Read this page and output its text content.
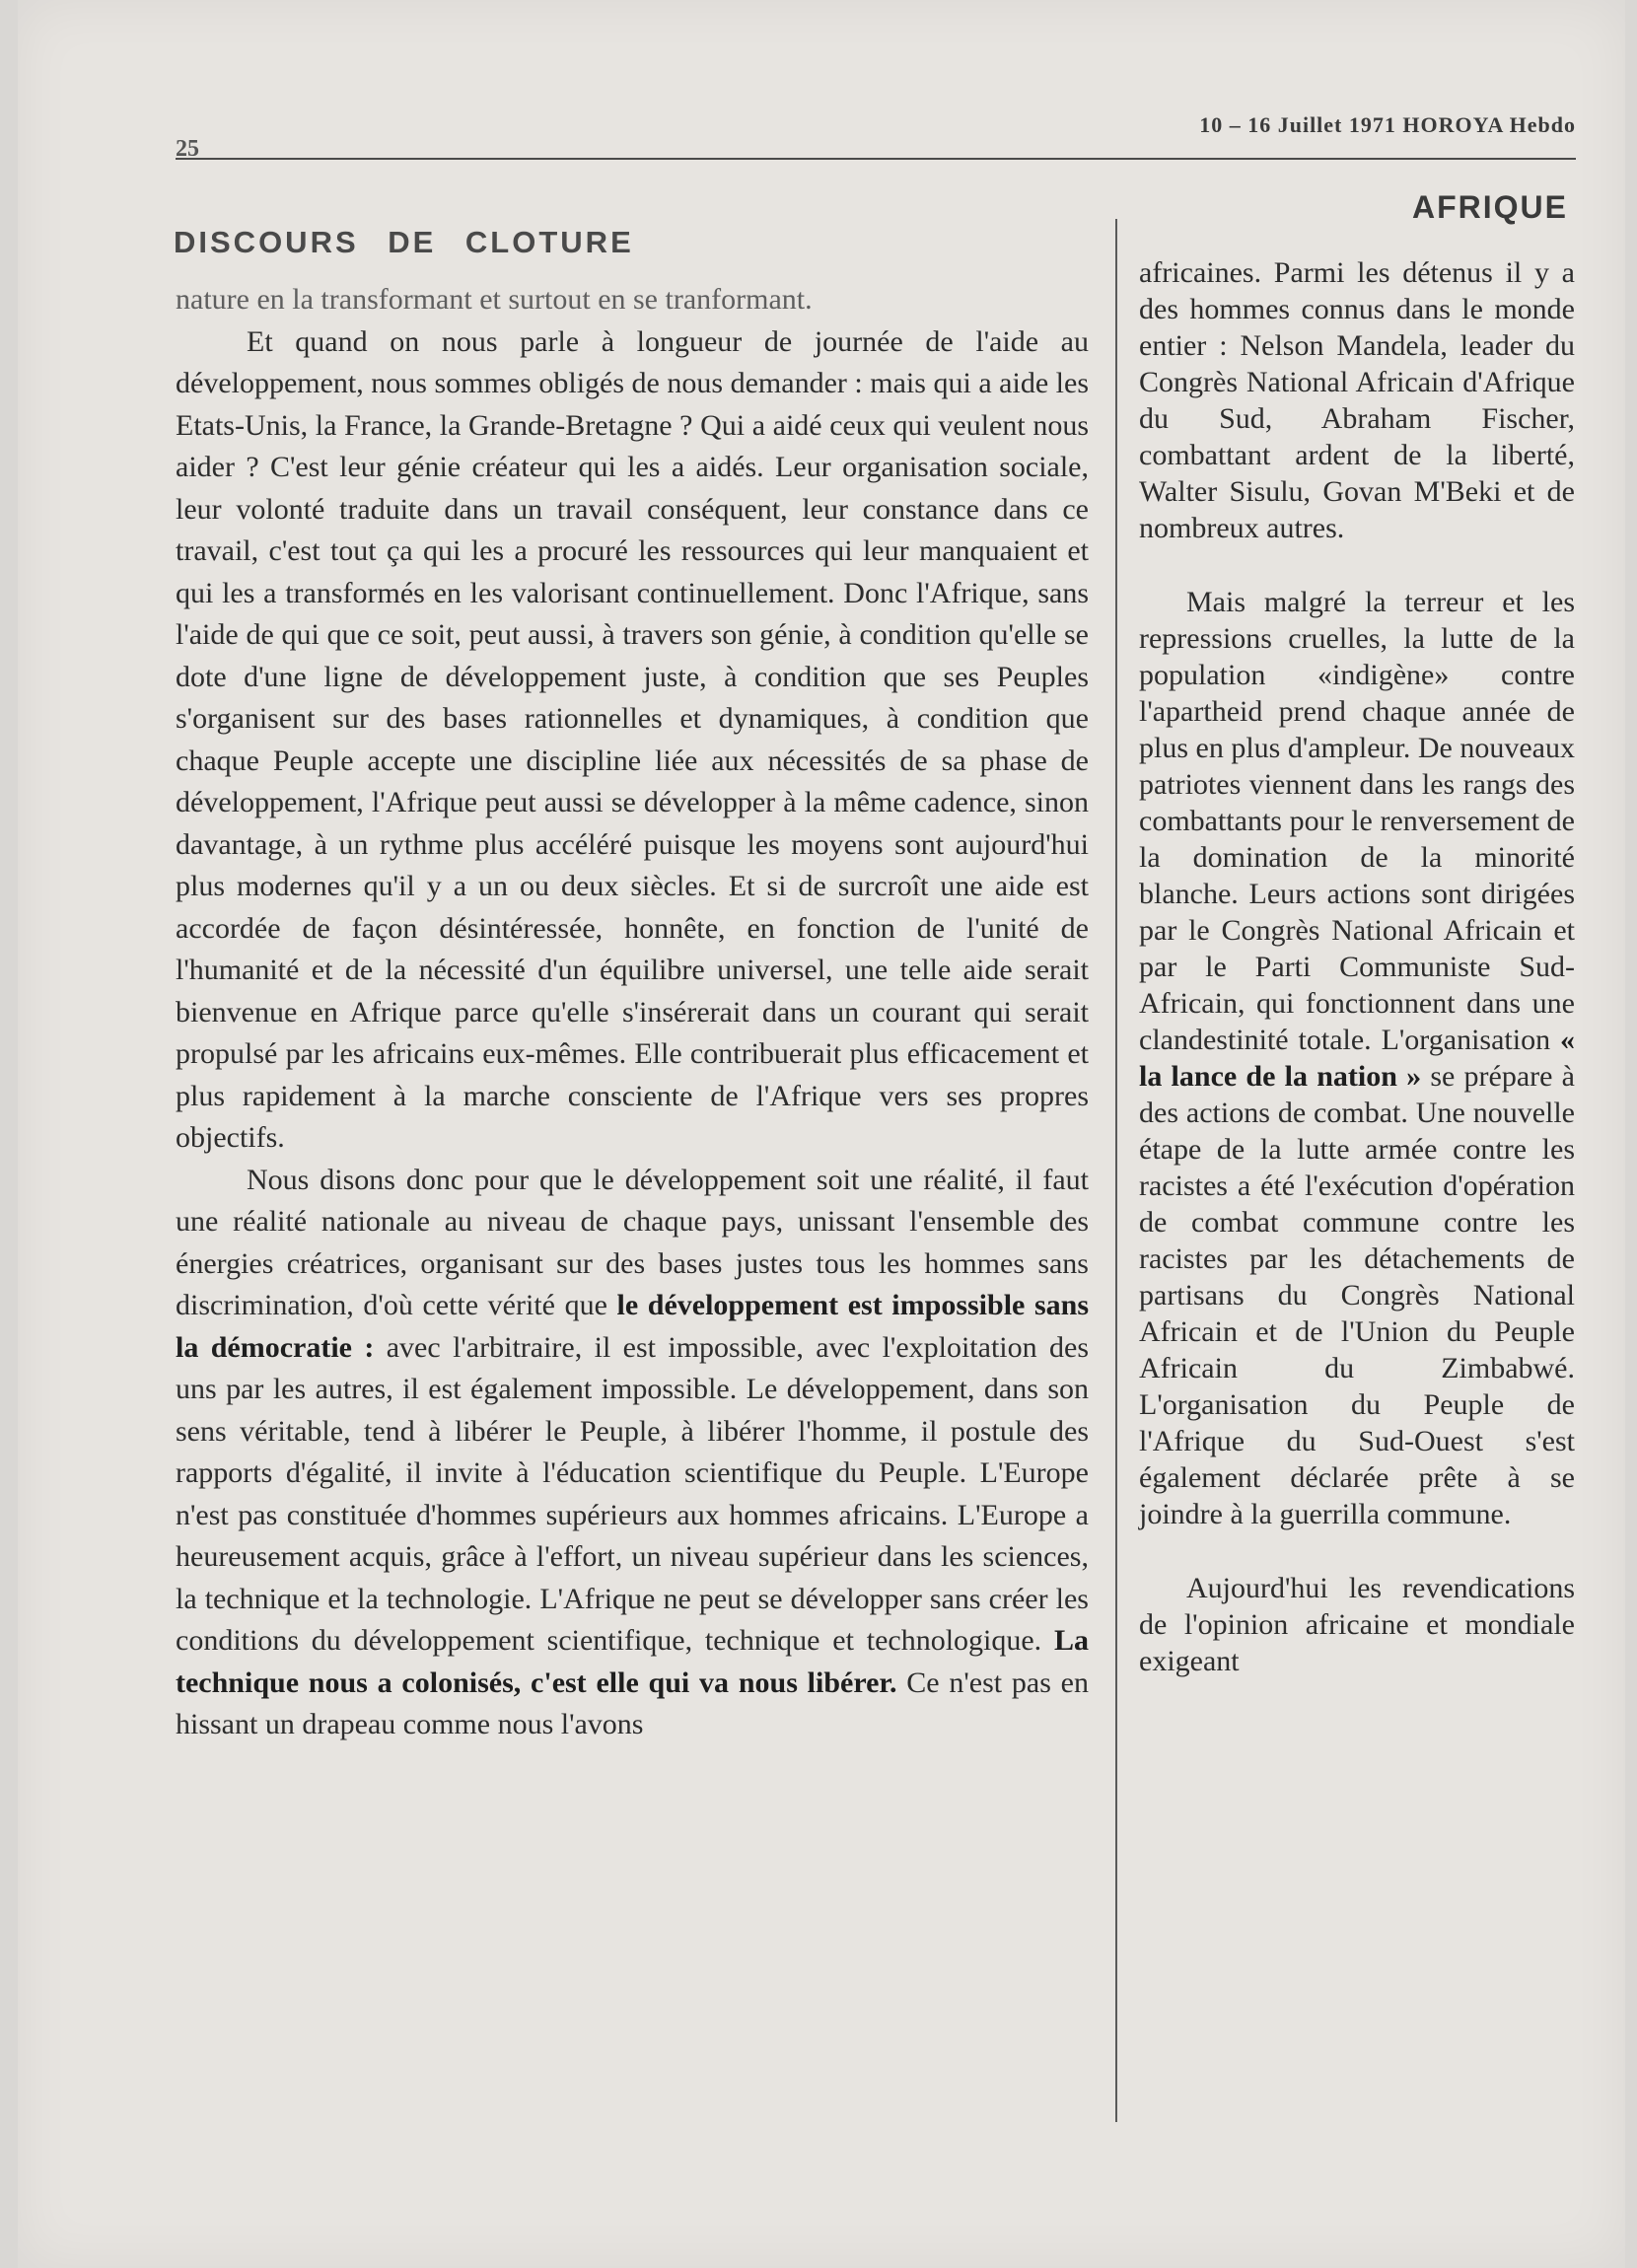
25
10 – 16 Juillet 1971 HOROYA Hebdo
DISCOURS DE CLOTURE
AFRIQUE

nature en la transformant et surtout en se tranformant.

Et quand on nous parle à longueur de journée de l'aide au développement, nous sommes obligés de nous demander : mais qui a aide les Etats-Unis, la France, la Grande-Bretagne ? Qui a aidé ceux qui veulent nous aider ? C'est leur génie créateur qui les a aidés. Leur organisation sociale, leur volonté traduite dans un travail conséquent, leur constance dans ce travail, c'est tout ça qui les a procuré les ressources qui leur manquaient et qui les a transformés en les valorisant continuellement. Donc l'Afrique, sans l'aide de qui que ce soit, peut aussi, à travers son génie, à condition qu'elle se dote d'une ligne de développement juste, à condition que ses Peuples s'organisent sur des bases rationnelles et dynamiques, à condition que chaque Peuple accepte une discipline liée aux nécessités de sa phase de développement, l'Afrique peut aussi se développer à la même cadence, sinon davantage, à un rythme plus accéléré puisque les moyens sont aujourd'hui plus modernes qu'il y a un ou deux siècles. Et si de surcroît une aide est accordée de façon désintéressée, honnête, en fonction de l'unité de l'humanité et de la nécessité d'un équilibre universel, une telle aide serait bienvenue en Afrique parce qu'elle s'insérerait dans un courant qui serait propulsé par les africains eux-mêmes. Elle contribuerait plus efficacement et plus rapidement à la marche consciente de l'Afrique vers ses propres objectifs.

Nous disons donc pour que le développement soit une réalité, il faut une réalité nationale au niveau de chaque pays, unissant l'ensemble des énergies créatrices, organisant sur des bases justes tous les hommes sans discrimination, d'où cette vérité que le développement est impossible sans la démocratie : avec l'arbitraire, il est impossible, avec l'exploitation des uns par les autres, il est également impossible. Le développement, dans son sens véritable, tend à libérer le Peuple, à libérer l'homme, il postule des rapports d'égalité, il invite à l'éducation scientifique du Peuple. L'Europe n'est pas constituée d'hommes supérieurs aux hommes africains. L'Europe a heureusement acquis, grâce à l'effort, un niveau supérieur dans les sciences, la technique et la technologie. L'Afrique ne peut se développer sans créer les conditions du développement scientifique, technique et technologique. La technique nous a colonisés, c'est elle qui va nous libérer. Ce n'est pas en hissant un drapeau comme nous l'avons

africaines. Parmi les détenus il y a des hommes connus dans le monde entier : Nelson Mandela, leader du Congrès National Africain d'Afrique du Sud, Abraham Fischer, combattant ardent de la liberté, Walter Sisulu, Govan M'Beki et de nombreux autres.

Mais malgré la terreur et les repressions cruelles, la lutte de la population «indigène» contre l'apartheid prend chaque année de plus en plus d'ampleur. De nouveaux patriotes viennent dans les rangs des combattants pour le renversement de la domination de la minorité blanche. Leurs actions sont dirigées par le Congrès National Africain et par le Parti Communiste Sud-Africain, qui fonctionnent dans une clandestinité totale. L'organisation « la lance de la nation » se prépare à des actions de combat. Une nouvelle étape de la lutte armée contre les racistes a été l'exécution d'opération de combat commune contre les racistes par les détachements de partisans du Congrès National Africain et de l'Union du Peuple Africain du Zimbabwé. L'organisation du Peuple de l'Afrique du Sud-Ouest s'est également déclarée prête à se joindre à la guerrilla commune.

Aujourd'hui les revendications de l'opinion africaine et mondiale exigeant
